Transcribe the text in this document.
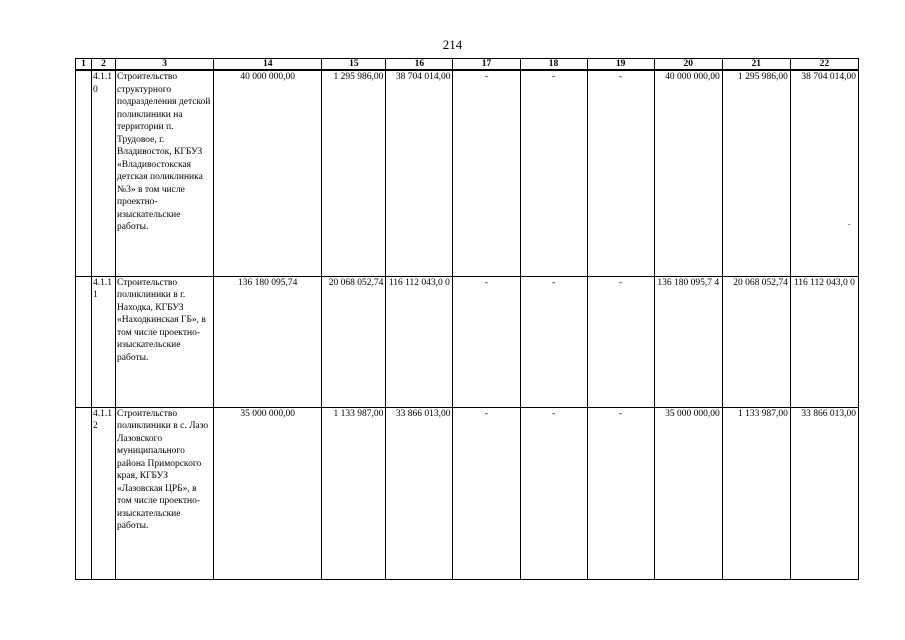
214
1	2	3	14	15	16	17	18	19	20	21	22
	4.1.1 0	Строительство структурного подразделения детской поликлиники на территории п. Трудовое, г. Владивосток, КГБУЗ «Владивостокская детская поликлиника №3» в том числе проектно-изыскательские работы.	40 000 000,00	1 295 986,00	38 704 014,00	-	-	-	40 000 000,00	1 295 986,00	38 704 014,00
	4.1.1 1	Строительство поликлиники в г. Находка, КГБУЗ «Находкинская ГБ», в том числе проектно-изыскательские работы.	136 180 095,74	20 068 052,74	116 112 043,0 0	-	-	-	136 180 095,7 4	20 068 052,74	116 112 043,0 0
	4.1.1 2	Строительство поликлиники в с. Лазо Лазовского муниципального района Приморского края, КГБУЗ «Лазовская ЦРБ», в том числе проектно-изыскательские работы.	35 000 000,00	1 133 987,00	33 866 013,00	-	-	-	35 000 000,00	1 133 987,00	33 866 013,00
.
